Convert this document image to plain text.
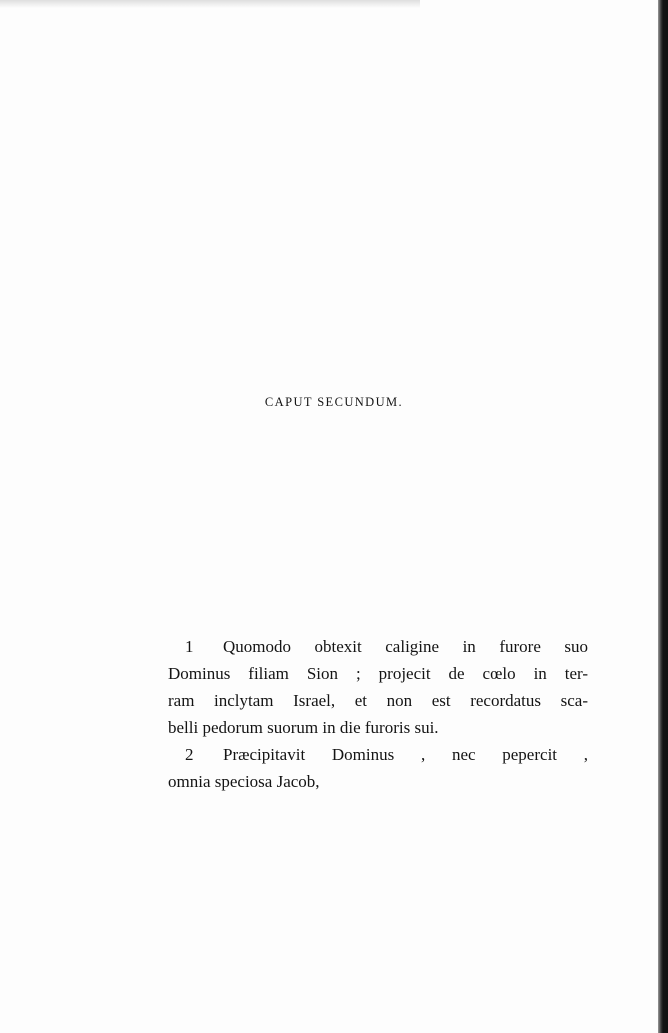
CAPUT SECUNDUM.
1 Quomodo obtexit caligine in furore suo
Dominus filiam Sion ; projecit de cœlo in ter-
ram inclytam Israel, et non est recordatus sca-
belli pedorum suorum in die furoris sui.
2 Præcipitavit Dominus , nec pepercit ,
omnia speciosa Jacob,
